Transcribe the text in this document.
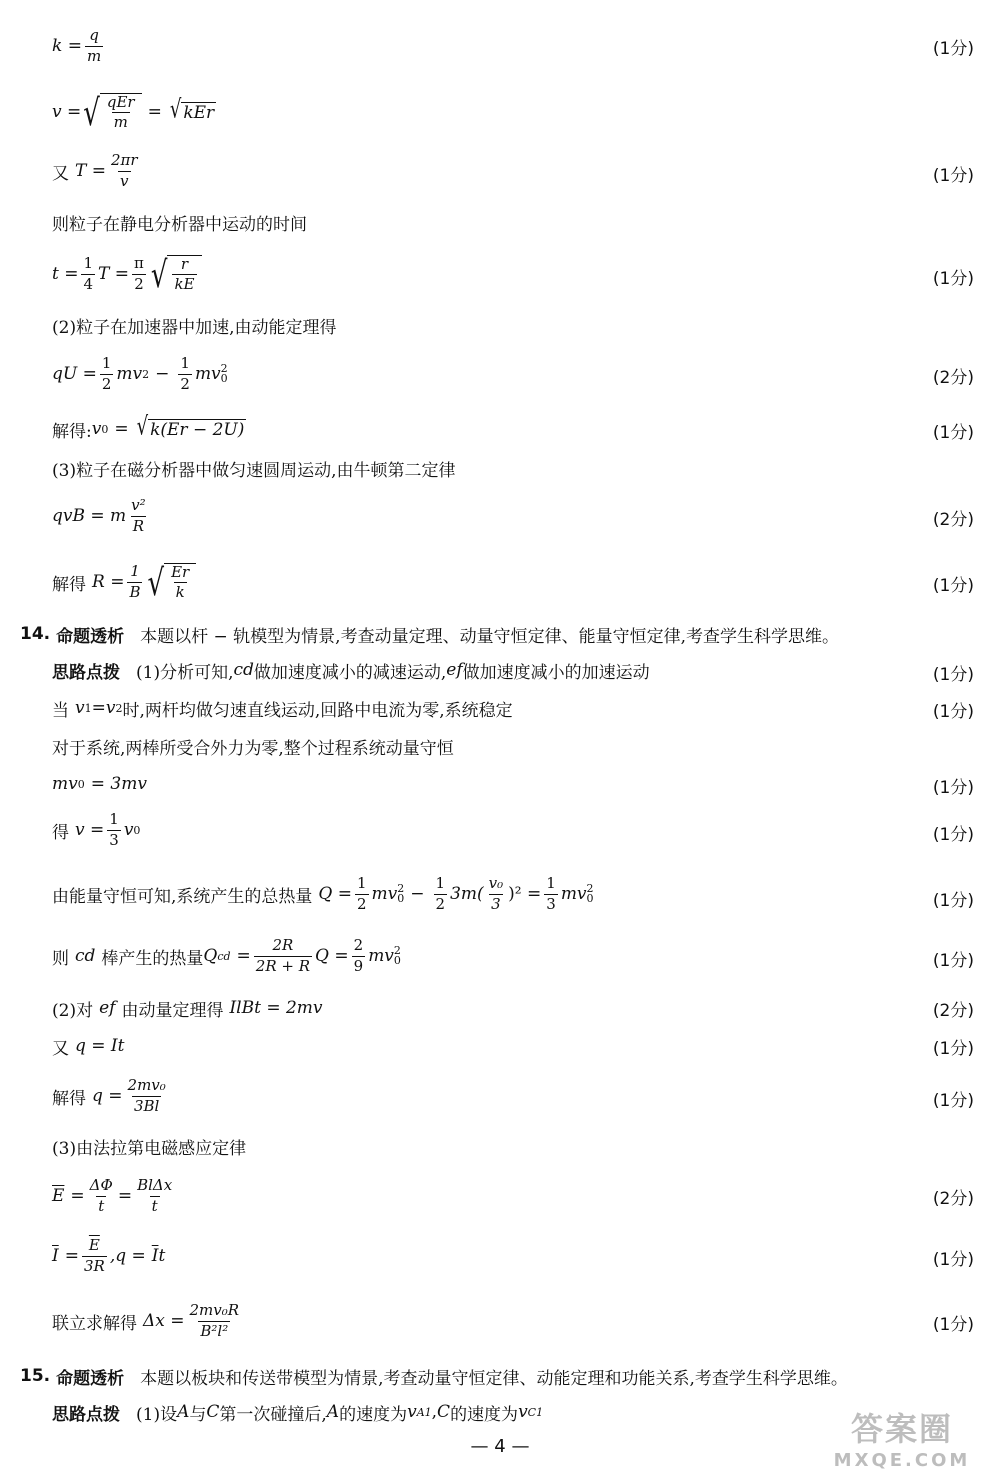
$k = \frac{q}{m}$	(1分)
v = √ $\frac{\text{qEr}}{m}$ = √ kEr
又 $T = \frac{2\pi r}{v}$	(1分)
则粒子在静电分析器中运动的时间
$t = \frac{1}{4}$ $T = \frac{\pi}{2}$ √ $\frac{r}{kE}$	(1分)
(2)粒子在加速器中加速,由动能定理得
qU = $\frac{1}{2}$ mv $2 - \frac{1}{2}$ mv 2
0	(2分)
解得: v 0 = √ k(Er − 2U)	(1分)
(3)粒子在磁分析器中做匀速圆周运动,由牛顿第二定律
qvB = m $\frac{\text{v²}}{R}$	(2分)
解得 $R = \frac{1}{B}$ √ $\frac{Er}{k}$	(1分)
14. 命题透析 本题以杆 − 轨模型为情景,考查动量定理、动量守恒定律、能量守恒定律,考查学生科学思维。
思路点拨 (1)分析可知, cd 做加速度减小的减速运动, ef 做加速度减小的加速运动	(1分)
当 v 1 = v 2 时,两杆均做匀速直线运动,回路中电流为零,系统稳定	(1分)
对于系统,两棒所受合外力为零,整个过程系统动量守恒
mv 0 = 3mv	(1分)
得 $v = \frac{1}{3}$ v 0	(1分)
由能量守恒可知,系统产生的总热量 $Q = \frac{1}{2}$ mv 2
$0 - \frac{1}{2} 3m( \frac{\text{v₀}}{3} )^2 = \frac{1}{3}$ mv 2
0	(1分)
则 cd 棒产生的热量 Q cd = $\frac{2R}{2R + R}$ $Q = \frac{2}{9}$ mv 2
0	(1分)
(2)对 ef 由动量定理得 IlBt = 2mv	(2分)
又 q = It	(1分)
解得 $q = \frac{\text{2mv₀}}{3Bl}$	(1分)
(3)由法拉第电磁感应定律
$\overline{E} = \frac{\Delta\Phi}{t} = \frac{\text{BlΔx}}{t}$	(2分)
$\overline{I} = \frac{\overline{E}}{3R} ,q = \overline{I}$ t	(1分)
联立求解得 $\Delta x = \frac{\text{2mv₀R}}{\text{B²l²}}$	(1分)
15. 命题透析 本题以板块和传送带模型为情景,考查动量守恒定律、动能定理和功能关系,考查学生科学思维。
思路点拨 (1)设 A 与 C 第一次碰撞后, A 的速度为 v A1 , C 的速度为 v C1
— 4 —	答案圈
MXQE.COM
